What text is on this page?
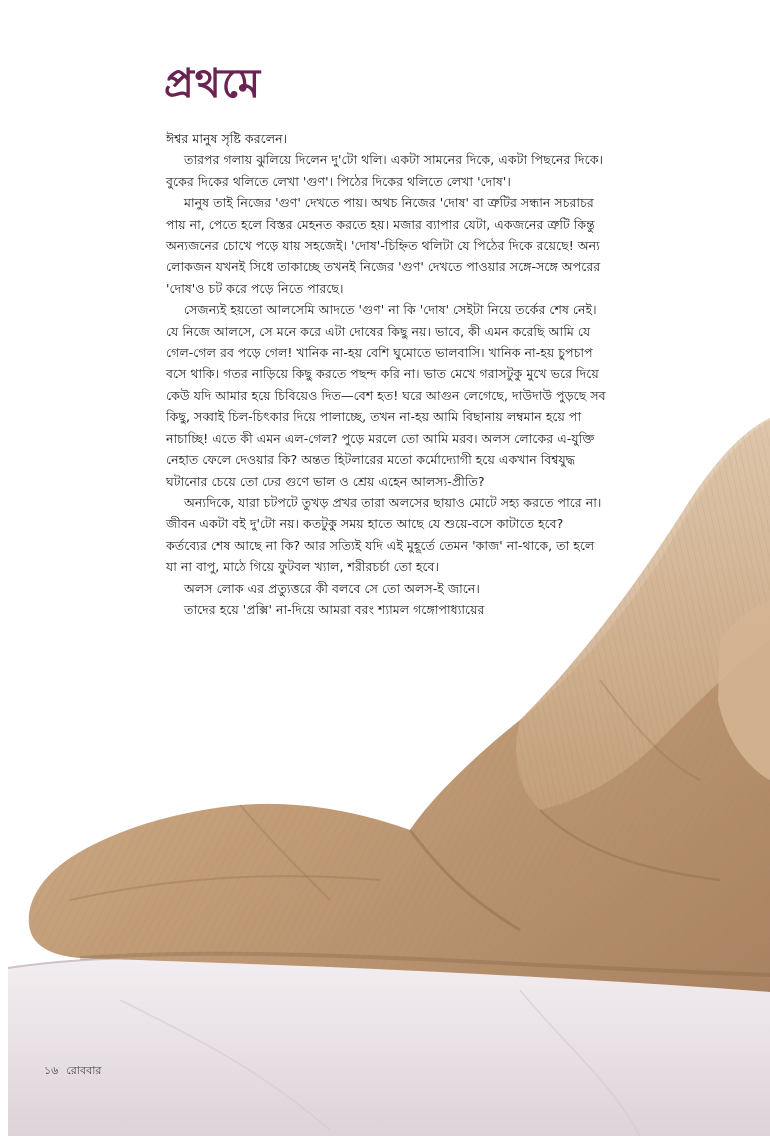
প্রথমে

ঈশ্বর মানুষ সৃষ্টি করলেন।

তারপর গলায় ঝুলিয়ে দিলেন দু'টো থলি। একটা সামনের দিকে, একটা পিছনের দিকে। বুকের দিকের থলিতে লেখা 'গুণ'। পিঠের দিকের থলিতে লেখা 'দোষ'।

মানুষ তাই নিজের 'গুণ' দেখতে পায়। অথচ নিজের 'দোষ' বা ত্রুটির সন্ধান সচরাচর পায় না, পেতে হলে বিস্তর মেহনত করতে হয়। মজার ব্যাপার যেটা, একজনের ত্রুটি কিন্তু অন্যজনের চোখে পড়ে যায় সহজেই। 'দোষ'-চিহ্নিত থলিটা যে পিঠের দিকে রয়েছে! অন্য লোকজন যখনই সিধে তাকাচ্ছে তখনই নিজের 'গুণ' দেখতে পাওয়ার সঙ্গে-সঙ্গে অপরের 'দোষ'ও চট করে পড়ে নিতে পারছে।

সেজন্যই হয়তো আলসেমি আদতে 'গুণ' না কি 'দোষ' সেইটা নিয়ে তর্কের শেষ নেই। যে নিজে আলসে, সে মনে করে এটা দোষের কিছু নয়। ভাবে, কী এমন করেছি আমি যে গেল-গেল রব পড়ে গেল! খানিক না-হয় বেশি ঘুমোতে ভালবাসি। খানিক না-হয় চুপচাপ বসে থাকি। গতর নাড়িয়ে কিছু করতে পছন্দ করি না। ভাত মেখে গরাসটুকু মুখে ভরে দিয়ে কেউ যদি আমার হয়ে চিবিয়েও দিত—বেশ হত! ঘরে আগুন লেগেছে, দাউদাউ পুড়ছে সব কিছু, সব্বাই চিল-চিৎকার দিয়ে পালাচ্ছে, তখন না-হয় আমি বিছানায় লম্বমান হয়ে পা নাচাচ্ছি! এতে কী এমন এল-গেল? পুড়ে মরলে তো আমি মরব। অলস লোকের এ-যুক্তি নেহাত ফেলে দেওয়ার কি? অন্তত হিটলারের মতো কর্মোদ্যোগী হয়ে একখান বিশ্বযুদ্ধ ঘটানোর চেয়ে তো ঢের গুণে ভাল ও শ্রেয় এহেন আলস্য-প্রীতি?

অন্যদিকে, যারা চটপটে তুখড় প্রখর তারা অলসের ছায়াও মোটে সহ্য করতে পারে না। জীবন একটা বই দু'টো নয়। কতটুকু সময় হাতে আছে যে শুয়ে-বসে কাটাতে হবে? কর্তব্যের শেষ আছে না কি? আর সত্যিই যদি এই মুহূর্তে তেমন 'কাজ' না-থাকে, তা হলে যা না বাপু, মাঠে গিয়ে ফুটবল খ্যাল, শরীরচর্চা তো হবে।

অলস লোক এর প্রত্যুত্তরে কী বলবে সে তো অলস-ই জানে।

তাদের হয়ে 'প্রক্সি' না-দিয়ে আমরা বরং শ্যামল গঙ্গোপাধ্যায়ের

১৬ রোববার
